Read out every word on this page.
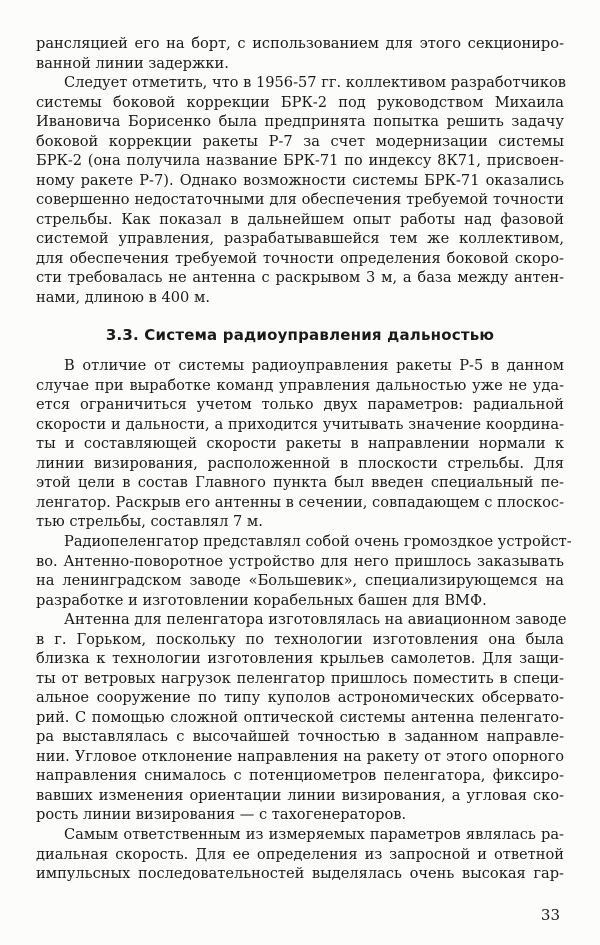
рансляцией его на борт, с использованием для этого секциониро-
ванной линии задержки.
Следует отметить, что в 1956-57 гг. коллективом разработчиков
системы боковой коррекции БРК-2 под руководством Михаила
Ивановича Борисенко была предпринята попытка решить задачу
боковой коррекции ракеты Р-7 за счет модернизации системы
БРК-2 (она получила название БРК-71 по индексу 8К71, присвоен-
ному ракете Р-7). Однако возможности системы БРК-71 оказались
совершенно недостаточными для обеспечения требуемой точности
стрельбы. Как показал в дальнейшем опыт работы над фазовой
системой управления, разрабатывавшейся тем же коллективом,
для обеспечения требуемой точности определения боковой скоро-
сти требовалась не антенна с раскрывом 3 м, а база между антен-
нами, длиною в 400 м.
3.3. Система радиоуправления дальностью
В отличие от системы радиоуправления ракеты Р-5 в данном
случае при выработке команд управления дальностью уже не уда-
ется ограничиться учетом только двух параметров: радиальной
скорости и дальности, а приходится учитывать значение координа-
ты и составляющей скорости ракеты в направлении нормали к
линии визирования, расположенной в плоскости стрельбы. Для
этой цели в состав Главного пункта был введен специальный пе-
ленгатор. Раскрыв его антенны в сечении, совпадающем с плоскос-
тью стрельбы, составлял 7 м.
Радиопеленгатор представлял собой очень громоздкое устройст-
во. Антенно-поворотное устройство для него пришлось заказывать
на ленинградском заводе «Большевик», специализирующемся на
разработке и изготовлении корабельных башен для ВМФ.
Антенна для пеленгатора изготовлялась на авиационном заводе
в г. Горьком, поскольку по технологии изготовления она была
близка к технологии изготовления крыльев самолетов. Для защи-
ты от ветровых нагрузок пеленгатор пришлось поместить в специ-
альное сооружение по типу куполов астрономических обсервато-
рий. С помощью сложной оптической системы антенна пеленгато-
ра выставлялась с высочайшей точностью в заданном направле-
нии. Угловое отклонение направления на ракету от этого опорного
направления снималось с потенциометров пеленгатора, фиксиро-
вавших изменения ориентации линии визирования, а угловая ско-
рость линии визирования — с тахогенераторов.
Самым ответственным из измеряемых параметров являлась ра-
диальная скорость. Для ее определения из запросной и ответной
импульсных последовательностей выделялась очень высокая гар-
33
